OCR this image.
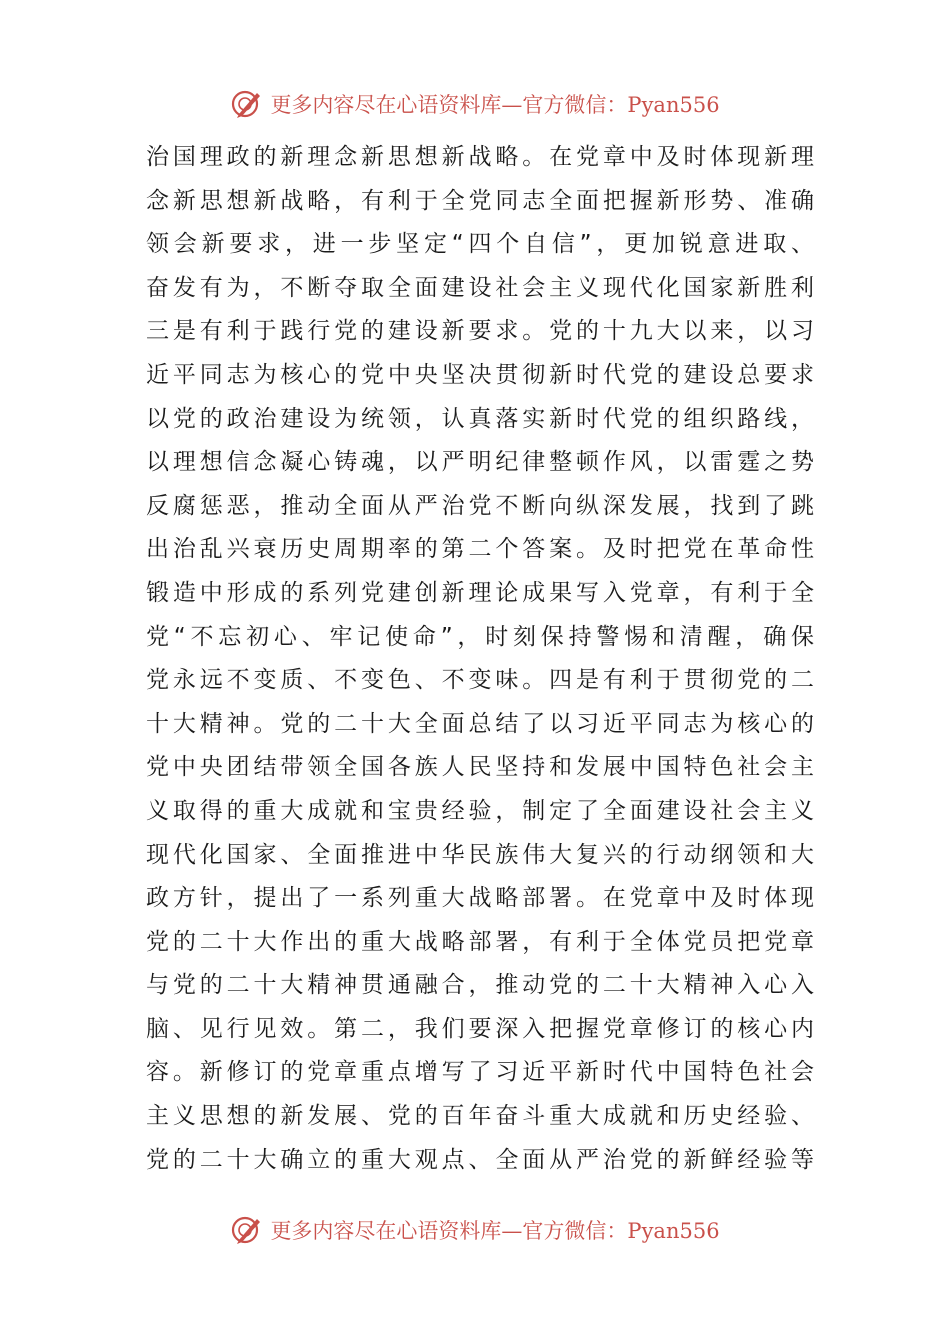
更多内容尽在心语资料库—官方微信：Pyan556
治国理政的新理念新思想新战略。在党章中及时体现新理
念新思想新战略，有利于全党同志全面把握新形势、准确
领会新要求，进一步坚定“四个自信”，更加锐意进取、
奋发有为，不断夺取全面建设社会主义现代化国家新胜利
三是有利于践行党的建设新要求。党的十九大以来，以习
近平同志为核心的党中央坚决贯彻新时代党的建设总要求
以党的政治建设为统领，认真落实新时代党的组织路线，
以理想信念凝心铸魂，以严明纪律整顿作风，以雷霆之势
反腐惩恶，推动全面从严治党不断向纵深发展，找到了跳
出治乱兴衰历史周期率的第二个答案。及时把党在革命性
锻造中形成的系列党建创新理论成果写入党章，有利于全
党“不忘初心、牢记使命”，时刻保持警惕和清醒，确保
党永远不变质、不变色、不变味。四是有利于贯彻党的二
十大精神。党的二十大全面总结了以习近平同志为核心的
党中央团结带领全国各族人民坚持和发展中国特色社会主
义取得的重大成就和宝贵经验，制定了全面建设社会主义
现代化国家、全面推进中华民族伟大复兴的行动纲领和大
政方针，提出了一系列重大战略部署。在党章中及时体现
党的二十大作出的重大战略部署，有利于全体党员把党章
与党的二十大精神贯通融合，推动党的二十大精神入心入
脑、见行见效。第二，我们要深入把握党章修订的核心内
容。新修订的党章重点增写了习近平新时代中国特色社会
主义思想的新发展、党的百年奋斗重大成就和历史经验、
党的二十大确立的重大观点、全面从严治党的新鲜经验等
更多内容尽在心语资料库—官方微信：Pyan556
